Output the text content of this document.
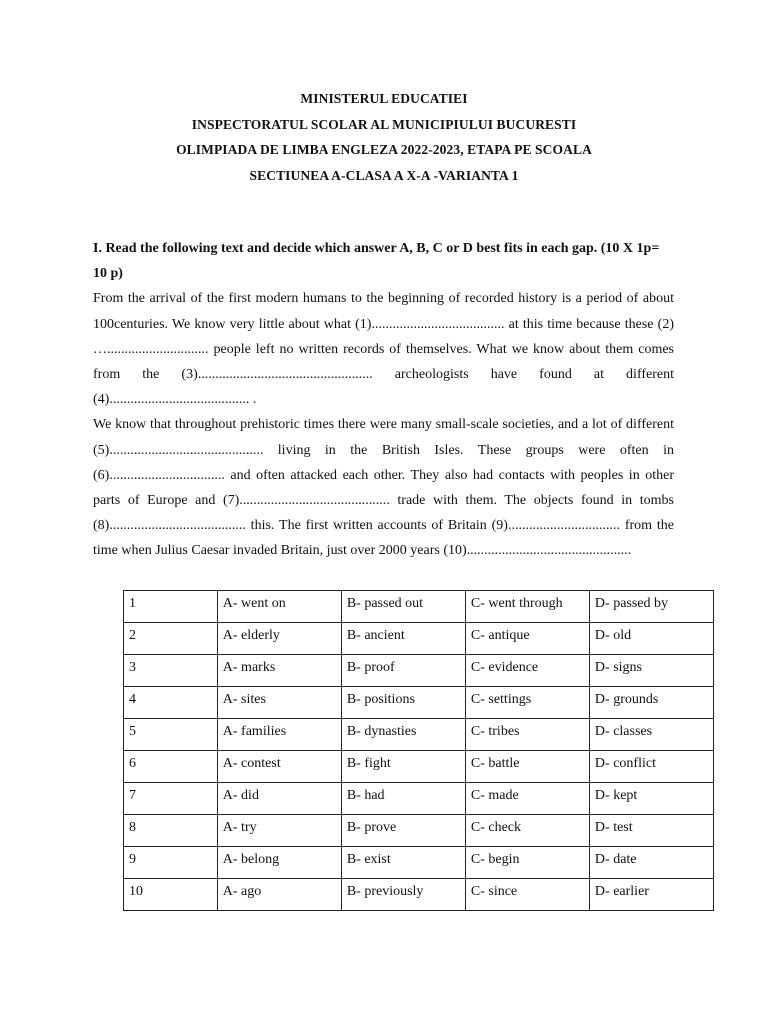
MINISTERUL EDUCATIEI
INSPECTORATUL SCOLAR AL MUNICIPIULUI BUCURESTI
OLIMPIADA DE LIMBA ENGLEZA 2022-2023, ETAPA PE SCOALA
SECTIUNEA A-CLASA A X-A -VARIANTA 1

I. Read the following text and decide which answer A, B, C or D best fits in each gap. (10 X 1p= 10 p)

From the arrival of the first modern humans to the beginning of recorded history is a period of about 100centuries. We know very little about what (1)...................................... at this time because these (2) …............................. people left no written records of themselves. What we know about them comes from the (3).................................................. archeologists have found at different (4)........................................ .

We know that throughout prehistoric times there were many small-scale societies, and a lot of different (5)............................................ living in the British Isles. These groups were often in (6)................................. and often attacked each other. They also had contacts with peoples in other parts of Europe and (7)........................................... trade with them. The objects found in tombs (8)....................................... this. The first written accounts of Britain (9)................................ from the time when Julius Caesar invaded Britain, just over 2000 years (10)...............................................

1	A- went on	B- passed out	C- went through	D- passed by
2	A- elderly	B- ancient	C- antique	D- old
3	A- marks	B- proof	C- evidence	D- signs
4	A- sites	B- positions	C- settings	D- grounds
5	A- families	B- dynasties	C- tribes	D- classes
6	A- contest	B- fight	C- battle	D- conflict
7	A- did	B- had	C- made	D- kept
8	A- try	B- prove	C- check	D- test
9	A- belong	B- exist	C- begin	D- date
10	A- ago	B- previously	C- since	D- earlier
